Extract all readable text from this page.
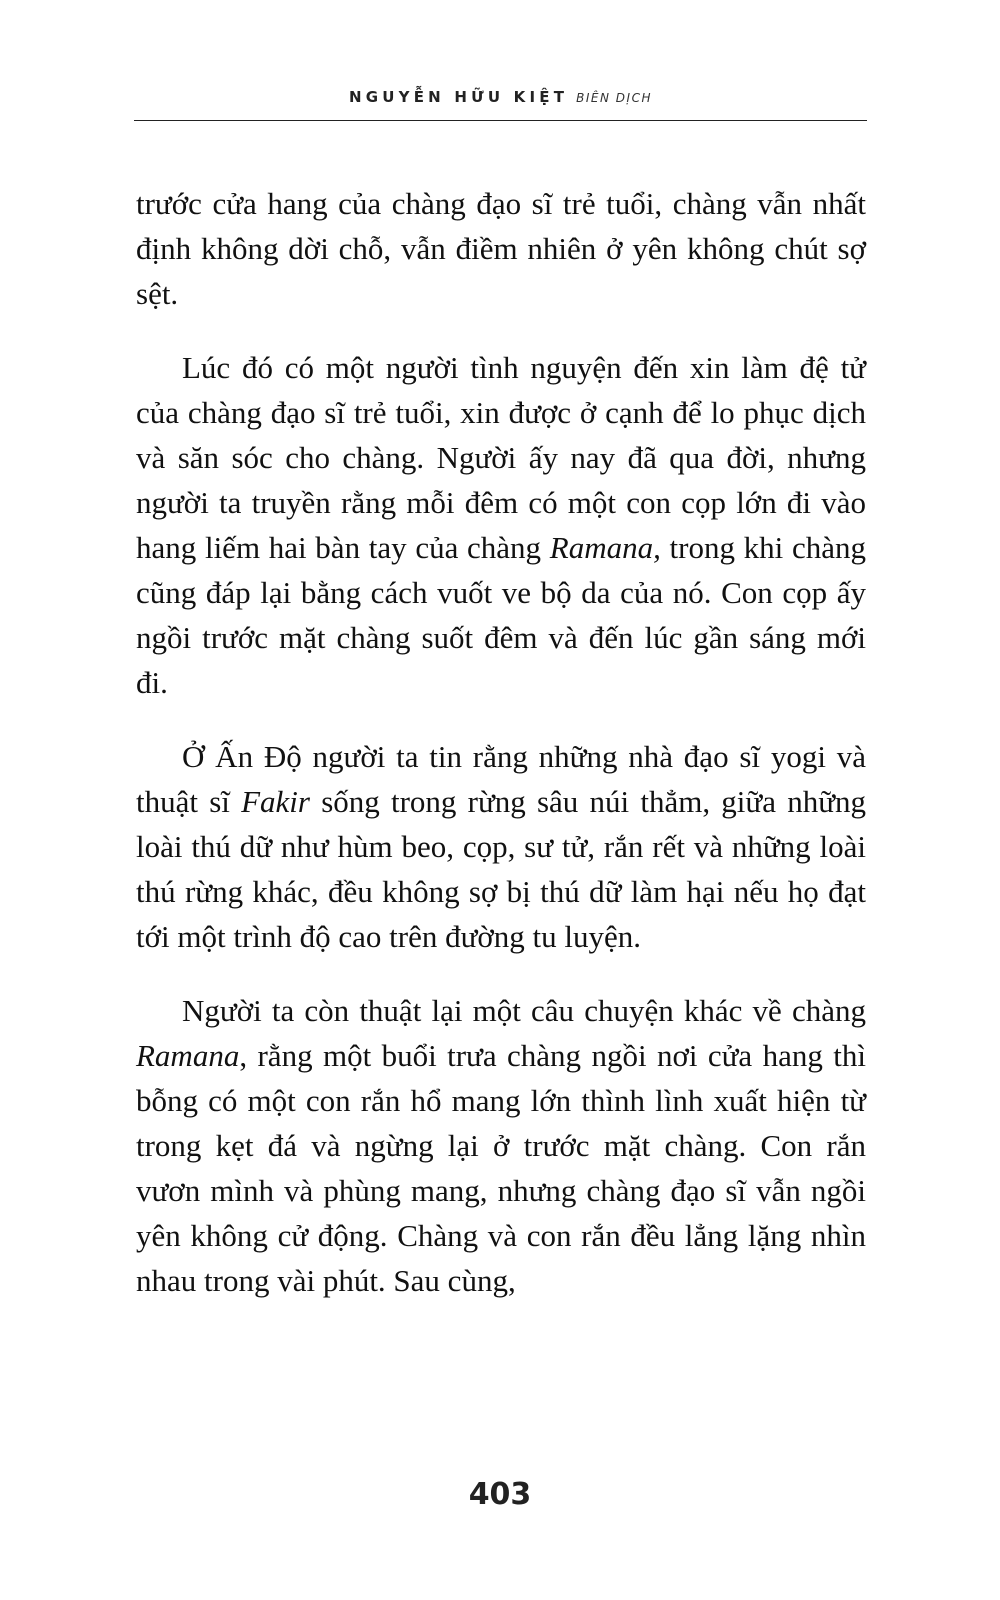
NGUYỄN HỮU KIỆT BIÊN DỊCH

trước cửa hang của chàng đạo sĩ trẻ tuổi, chàng vẫn nhất định không dời chỗ, vẫn điềm nhiên ở yên không chút sợ sệt.

Lúc đó có một người tình nguyện đến xin làm đệ tử của chàng đạo sĩ trẻ tuổi, xin được ở cạnh để lo phục dịch và săn sóc cho chàng. Người ấy nay đã qua đời, nhưng người ta truyền rằng mỗi đêm có một con cọp lớn đi vào hang liếm hai bàn tay của chàng Ramana, trong khi chàng cũng đáp lại bằng cách vuốt ve bộ da của nó. Con cọp ấy ngồi trước mặt chàng suốt đêm và đến lúc gần sáng mới đi.

Ở Ấn Độ người ta tin rằng những nhà đạo sĩ yogi và thuật sĩ Fakir sống trong rừng sâu núi thẳm, giữa những loài thú dữ như hùm beo, cọp, sư tử, rắn rết và những loài thú rừng khác, đều không sợ bị thú dữ làm hại nếu họ đạt tới một trình độ cao trên đường tu luyện.

Người ta còn thuật lại một câu chuyện khác về chàng Ramana, rằng một buổi trưa chàng ngồi nơi cửa hang thì bỗng có một con rắn hổ mang lớn thình lình xuất hiện từ trong kẹt đá và ngừng lại ở trước mặt chàng. Con rắn vươn mình và phùng mang, nhưng chàng đạo sĩ vẫn ngồi yên không cử động. Chàng và con rắn đều lẳng lặng nhìn nhau trong vài phút. Sau cùng,

403
